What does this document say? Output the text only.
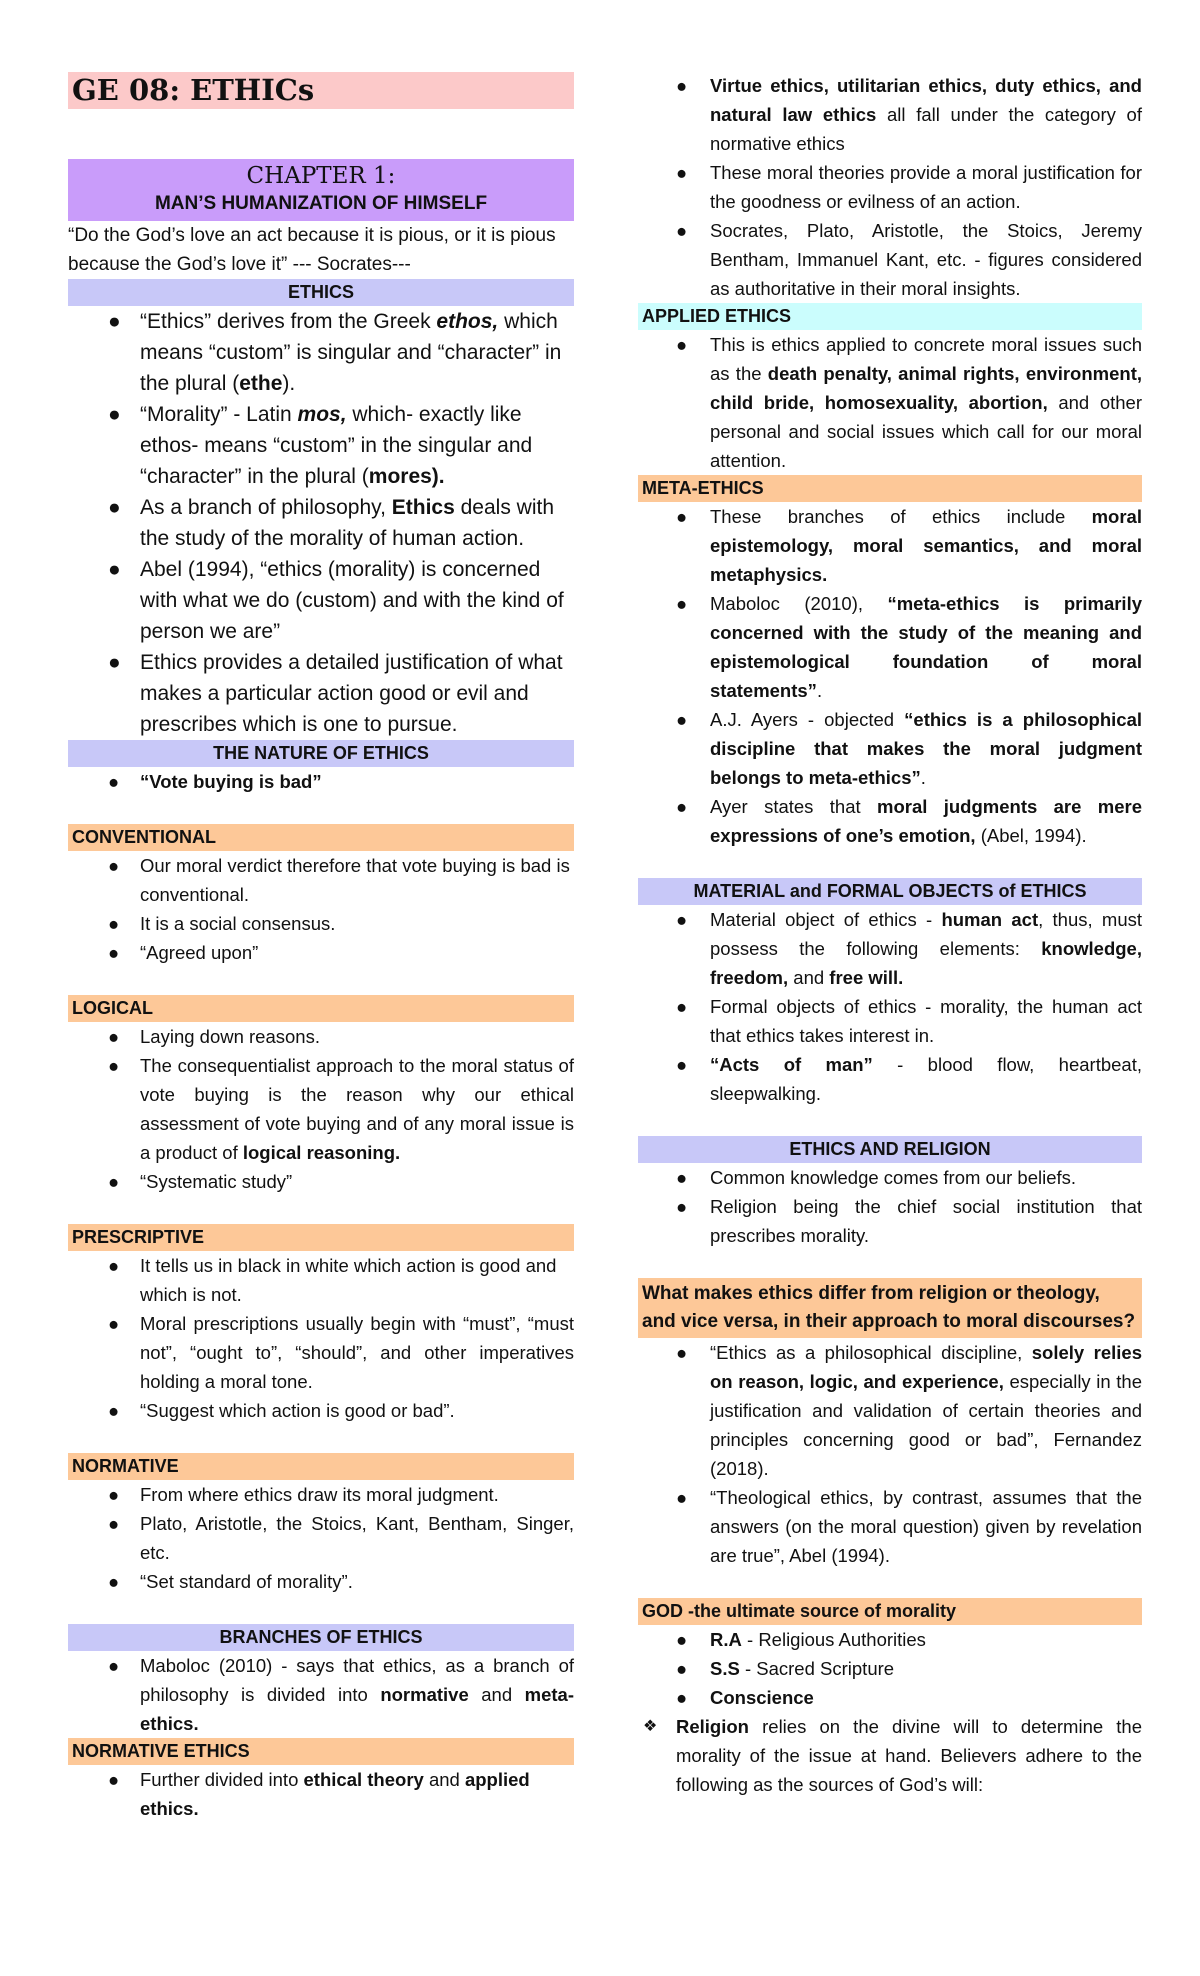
GE 08: ETHICs
CHAPTER 1:
MAN’S HUMANIZATION OF HIMSELF
“Do the God’s love an act because it is pious, or it is pious because the God’s love it” --- Socrates---
ETHICS
● “Ethics” derives from the Greek ethos, which means “custom” is singular and “character” in the plural (ethe).
● “Morality” - Latin mos, which- exactly like ethos- means “custom” in the singular and “character” in the plural (mores).
● As a branch of philosophy, Ethics deals with the study of the morality of human action.
● Abel (1994), “ethics (morality) is concerned with what we do (custom) and with the kind of person we are”
● Ethics provides a detailed justification of what makes a particular action good or evil and prescribes which is one to pursue.
THE NATURE OF ETHICS
● “Vote buying is bad”
CONVENTIONAL
● Our moral verdict therefore that vote buying is bad is conventional.
● It is a social consensus.
● “Agreed upon”
LOGICAL
● Laying down reasons.
● The consequentialist approach to the moral status of vote buying is the reason why our ethical assessment of vote buying and of any moral issue is a product of logical reasoning.
● “Systematic study”
PRESCRIPTIVE
● It tells us in black in white which action is good and which is not.
● Moral prescriptions usually begin with “must”, “must not”, “ought to”, “should”, and other imperatives holding a moral tone.
● “Suggest which action is good or bad”.
NORMATIVE
● From where ethics draw its moral judgment.
● Plato, Aristotle, the Stoics, Kant, Bentham, Singer, etc.
● “Set standard of morality”.
BRANCHES OF ETHICS
● Maboloc (2010) - says that ethics, as a branch of philosophy is divided into normative and meta-ethics.
NORMATIVE ETHICS
● Further divided into ethical theory and applied ethics.
● Virtue ethics, utilitarian ethics, duty ethics, and natural law ethics all fall under the category of normative ethics
● These moral theories provide a moral justification for the goodness or evilness of an action.
● Socrates, Plato, Aristotle, the Stoics, Jeremy Bentham, Immanuel Kant, etc. - figures considered as authoritative in their moral insights.
APPLIED ETHICS
● This is ethics applied to concrete moral issues such as the death penalty, animal rights, environment, child bride, homosexuality, abortion, and other personal and social issues which call for our moral attention.
META-ETHICS
● These branches of ethics include moral epistemology, moral semantics, and moral metaphysics.
● Maboloc (2010), “meta-ethics is primarily concerned with the study of the meaning and epistemological foundation of moral statements”.
● A.J. Ayers - objected “ethics is a philosophical discipline that makes the moral judgment belongs to meta-ethics”.
● Ayer states that moral judgments are mere expressions of one’s emotion, (Abel, 1994).
MATERIAL and FORMAL OBJECTS of ETHICS
● Material object of ethics - human act, thus, must possess the following elements: knowledge, freedom, and free will.
● Formal objects of ethics - morality, the human act that ethics takes interest in.
● “Acts of man” - blood flow, heartbeat, sleepwalking.
ETHICS AND RELIGION
● Common knowledge comes from our beliefs.
● Religion being the chief social institution that prescribes morality.
What makes ethics differ from religion or theology, and vice versa, in their approach to moral discourses?
● “Ethics as a philosophical discipline, solely relies on reason, logic, and experience, especially in the justification and validation of certain theories and principles concerning good or bad”, Fernandez (2018).
● “Theological ethics, by contrast, assumes that the answers (on the moral question) given by revelation are true”, Abel (1994).
GOD -the ultimate source of morality
● R.A - Religious Authorities
● S.S - Sacred Scripture
● Conscience
❖ Religion relies on the divine will to determine the morality of the issue at hand. Believers adhere to the following as the sources of God’s will:
